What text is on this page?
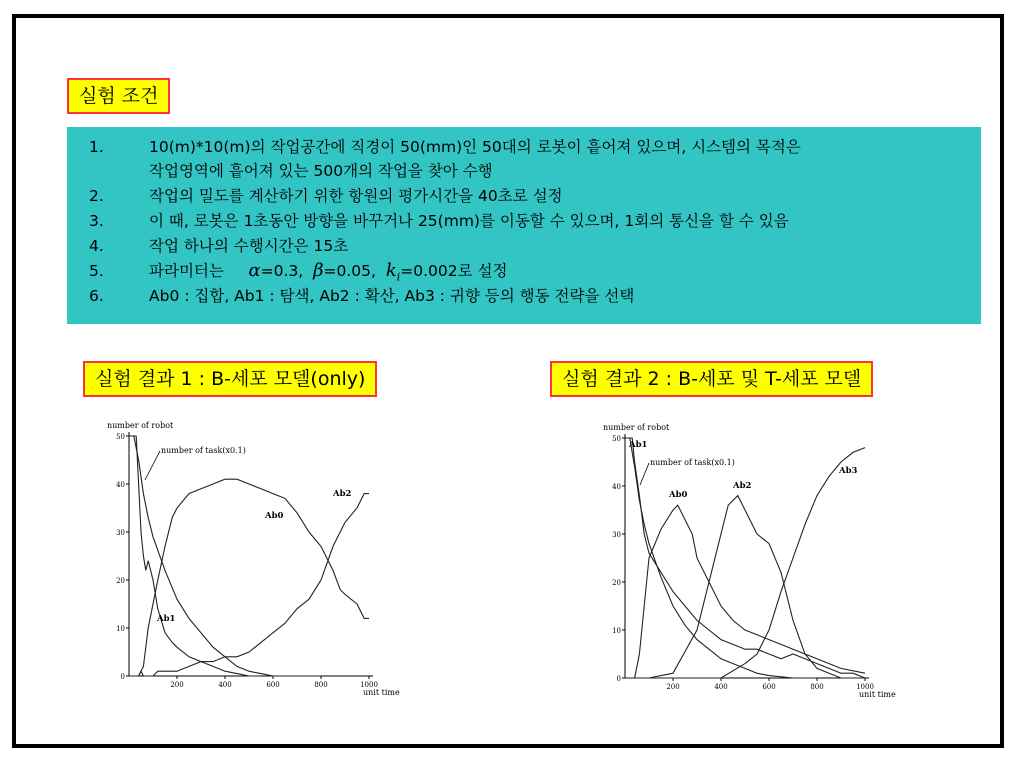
실험 조건
1.	10(m)*10(m)의 작업공간에 직경이 50(mm)인 50대의 로봇이 흩어져 있으며, 시스템의 목적은
작업영역에 흩어져 있는 500개의 작업을 찾아 수행
2.	작업의 밀도를 계산하기 위한 항원의 평가시간을 40초로 설정
3.	이 때, 로봇은 1초동안 방향을 바꾸거나 25(mm)를 이동할 수 있으며, 1회의 통신을 할 수 있음
4.	작업 하나의 수행시간은 15초
5.	파라미터는 α=0.3, β=0.05, $k_i=0.002$로 설정
6.	Ab0 : 집합, Ab1 : 탐색, Ab2 : 확산, Ab3 : 귀향 등의 행동 전략을 선택
실험 결과 1 : B-세포 모델(only)	실험 결과 2 : B-세포 및 T-세포 모델
0
10
20
30
40
50
200	400	600	800	1000
number of robot
unit time
number of task(x0.1)
Ab0
Ab1
Ab2
0
10
20
30
40
50
200	400	600	800	1000
number of robot
unit time
number of task(x0.1)
Ab0
Ab1
Ab2
Ab3
